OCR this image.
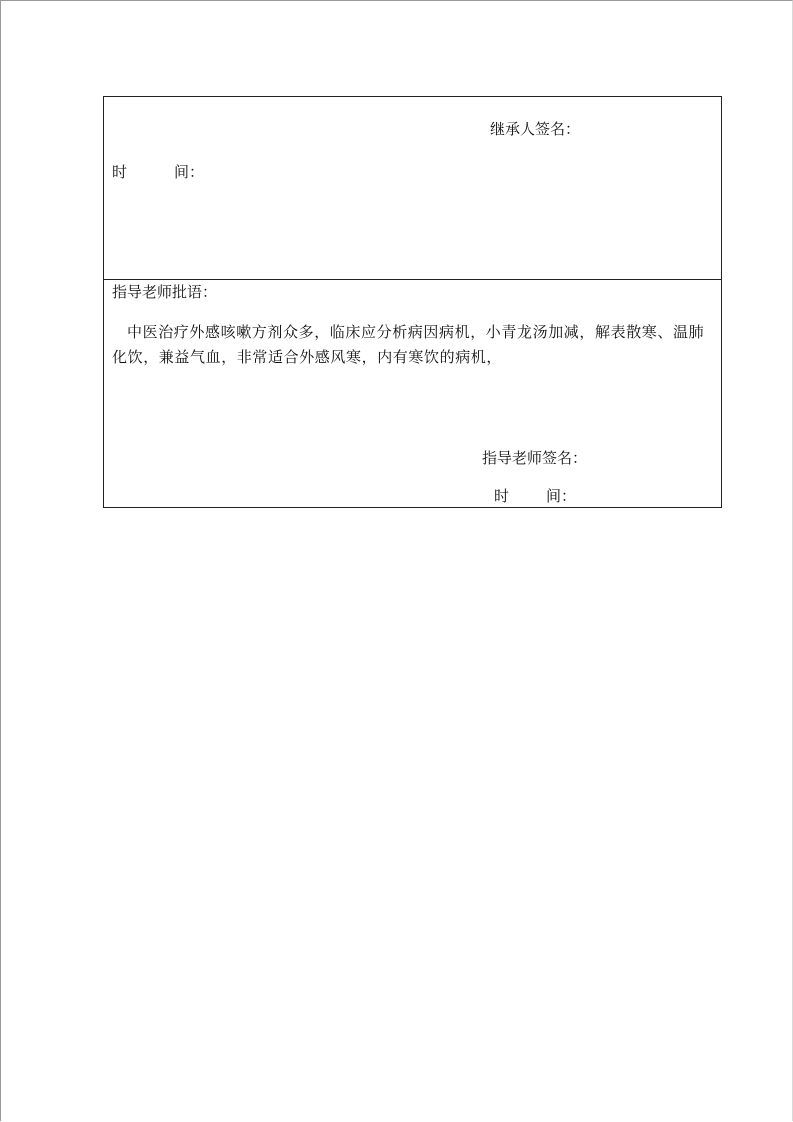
继承人签名：
时	间：
指导老师批语：
中医治疗外感咳嗽方剂众多，临床应分析病因病机，小青龙汤加减，解表散寒、温肺化饮，兼益气血，非常适合外感风寒，内有寒饮的病机，
指导老师签名：
时 间：
